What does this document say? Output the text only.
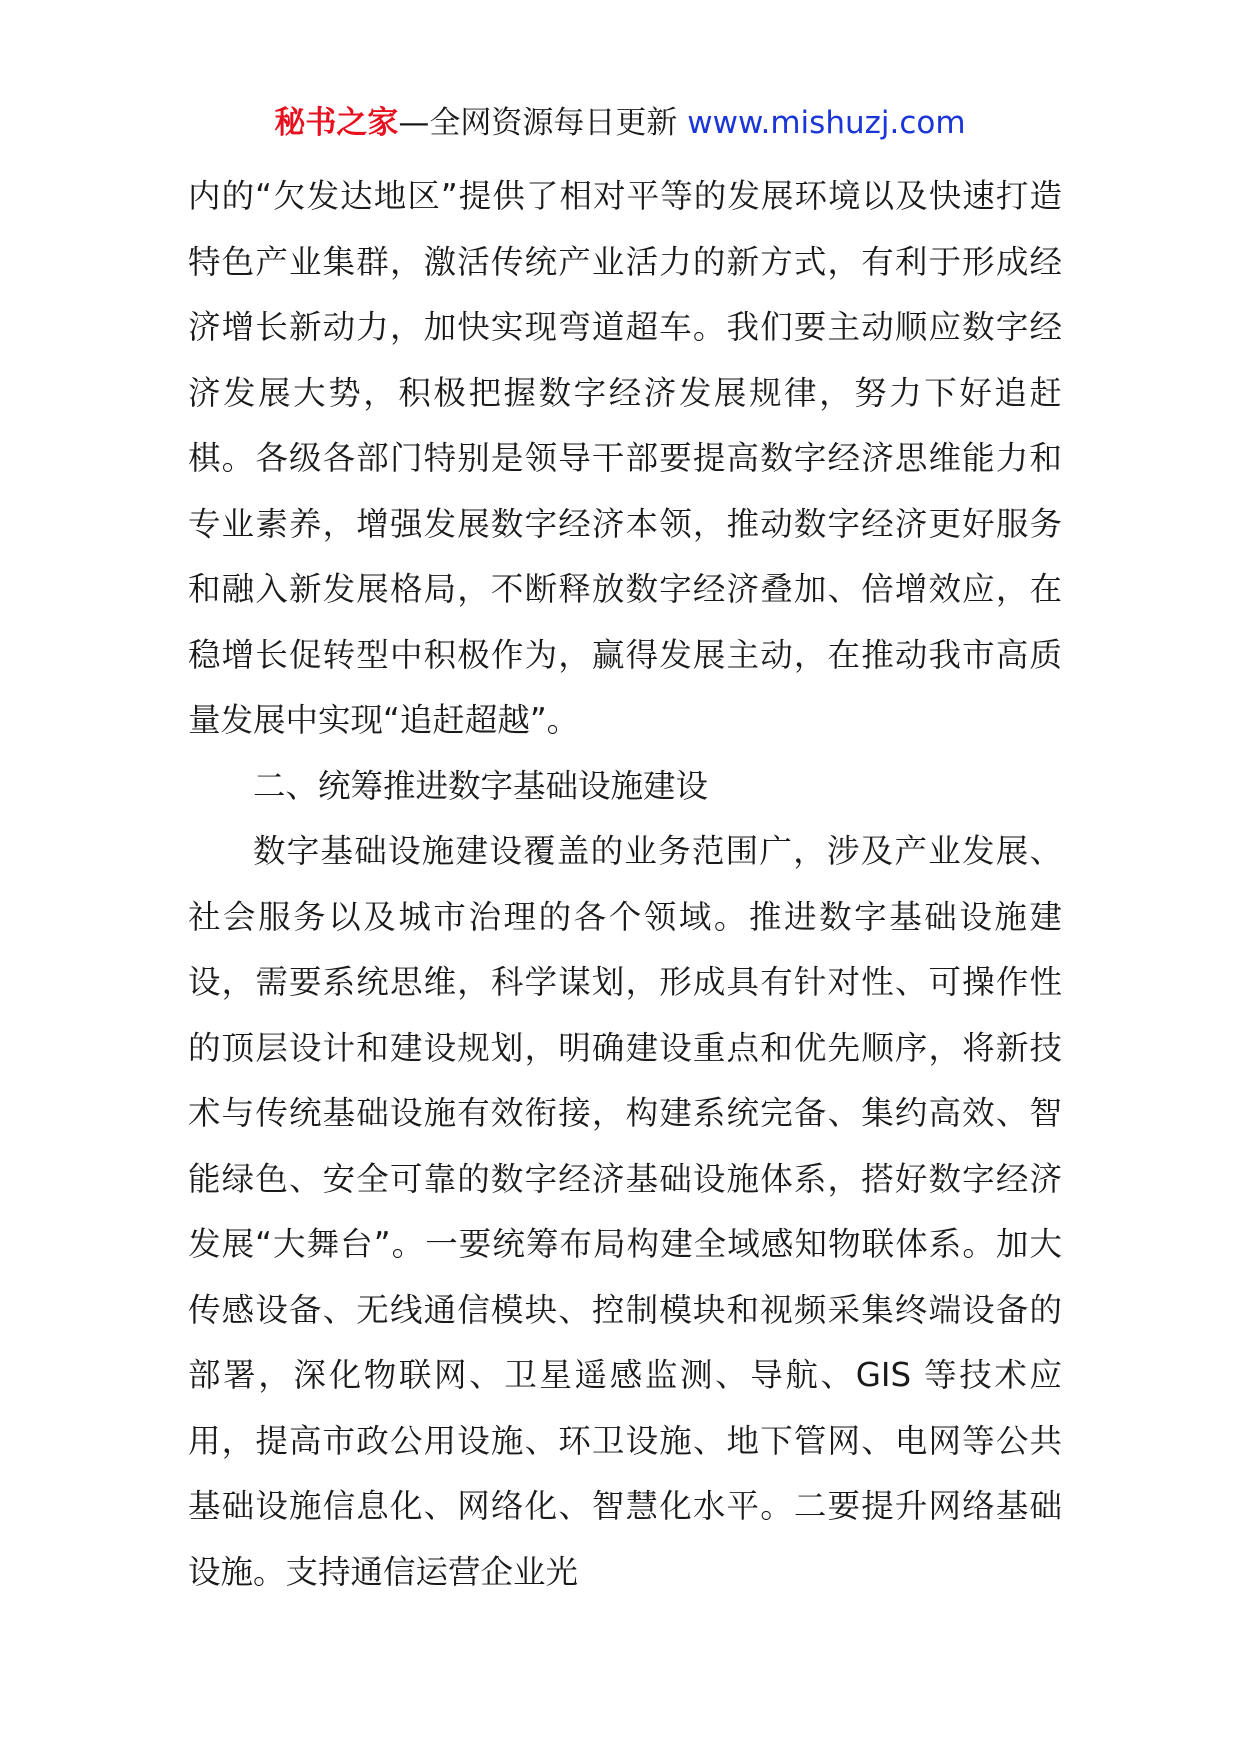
秘书之家—全网资源每日更新 www.mishuzj.com

内的“欠发达地区”提供了相对平等的发展环境以及快速打造特色产业集群，激活传统产业活力的新方式，有利于形成经济增长新动力，加快实现弯道超车。我们要主动顺应数字经济发展大势，积极把握数字经济发展规律，努力下好追赶棋。各级各部门特别是领导干部要提高数字经济思维能力和专业素养，增强发展数字经济本领，推动数字经济更好服务和融入新发展格局，不断释放数字经济叠加、倍增效应，在稳增长促转型中积极作为，赢得发展主动，在推动我市高质量发展中实现“追赶超越”。

二、统筹推进数字基础设施建设

数字基础设施建设覆盖的业务范围广，涉及产业发展、社会服务以及城市治理的各个领域。推进数字基础设施建设，需要系统思维，科学谋划，形成具有针对性、可操作性的顶层设计和建设规划，明确建设重点和优先顺序，将新技术与传统基础设施有效衔接，构建系统完备、集约高效、智能绿色、安全可靠的数字经济基础设施体系，搭好数字经济发展“大舞台”。一要统筹布局构建全域感知物联体系。加大传感设备、无线通信模块、控制模块和视频采集终端设备的部署，深化物联网、卫星遥感监测、导航、GIS 等技术应用，提高市政公用设施、环卫设施、地下管网、电网等公共基础设施信息化、网络化、智慧化水平。二要提升网络基础设施。支持通信运营企业光
